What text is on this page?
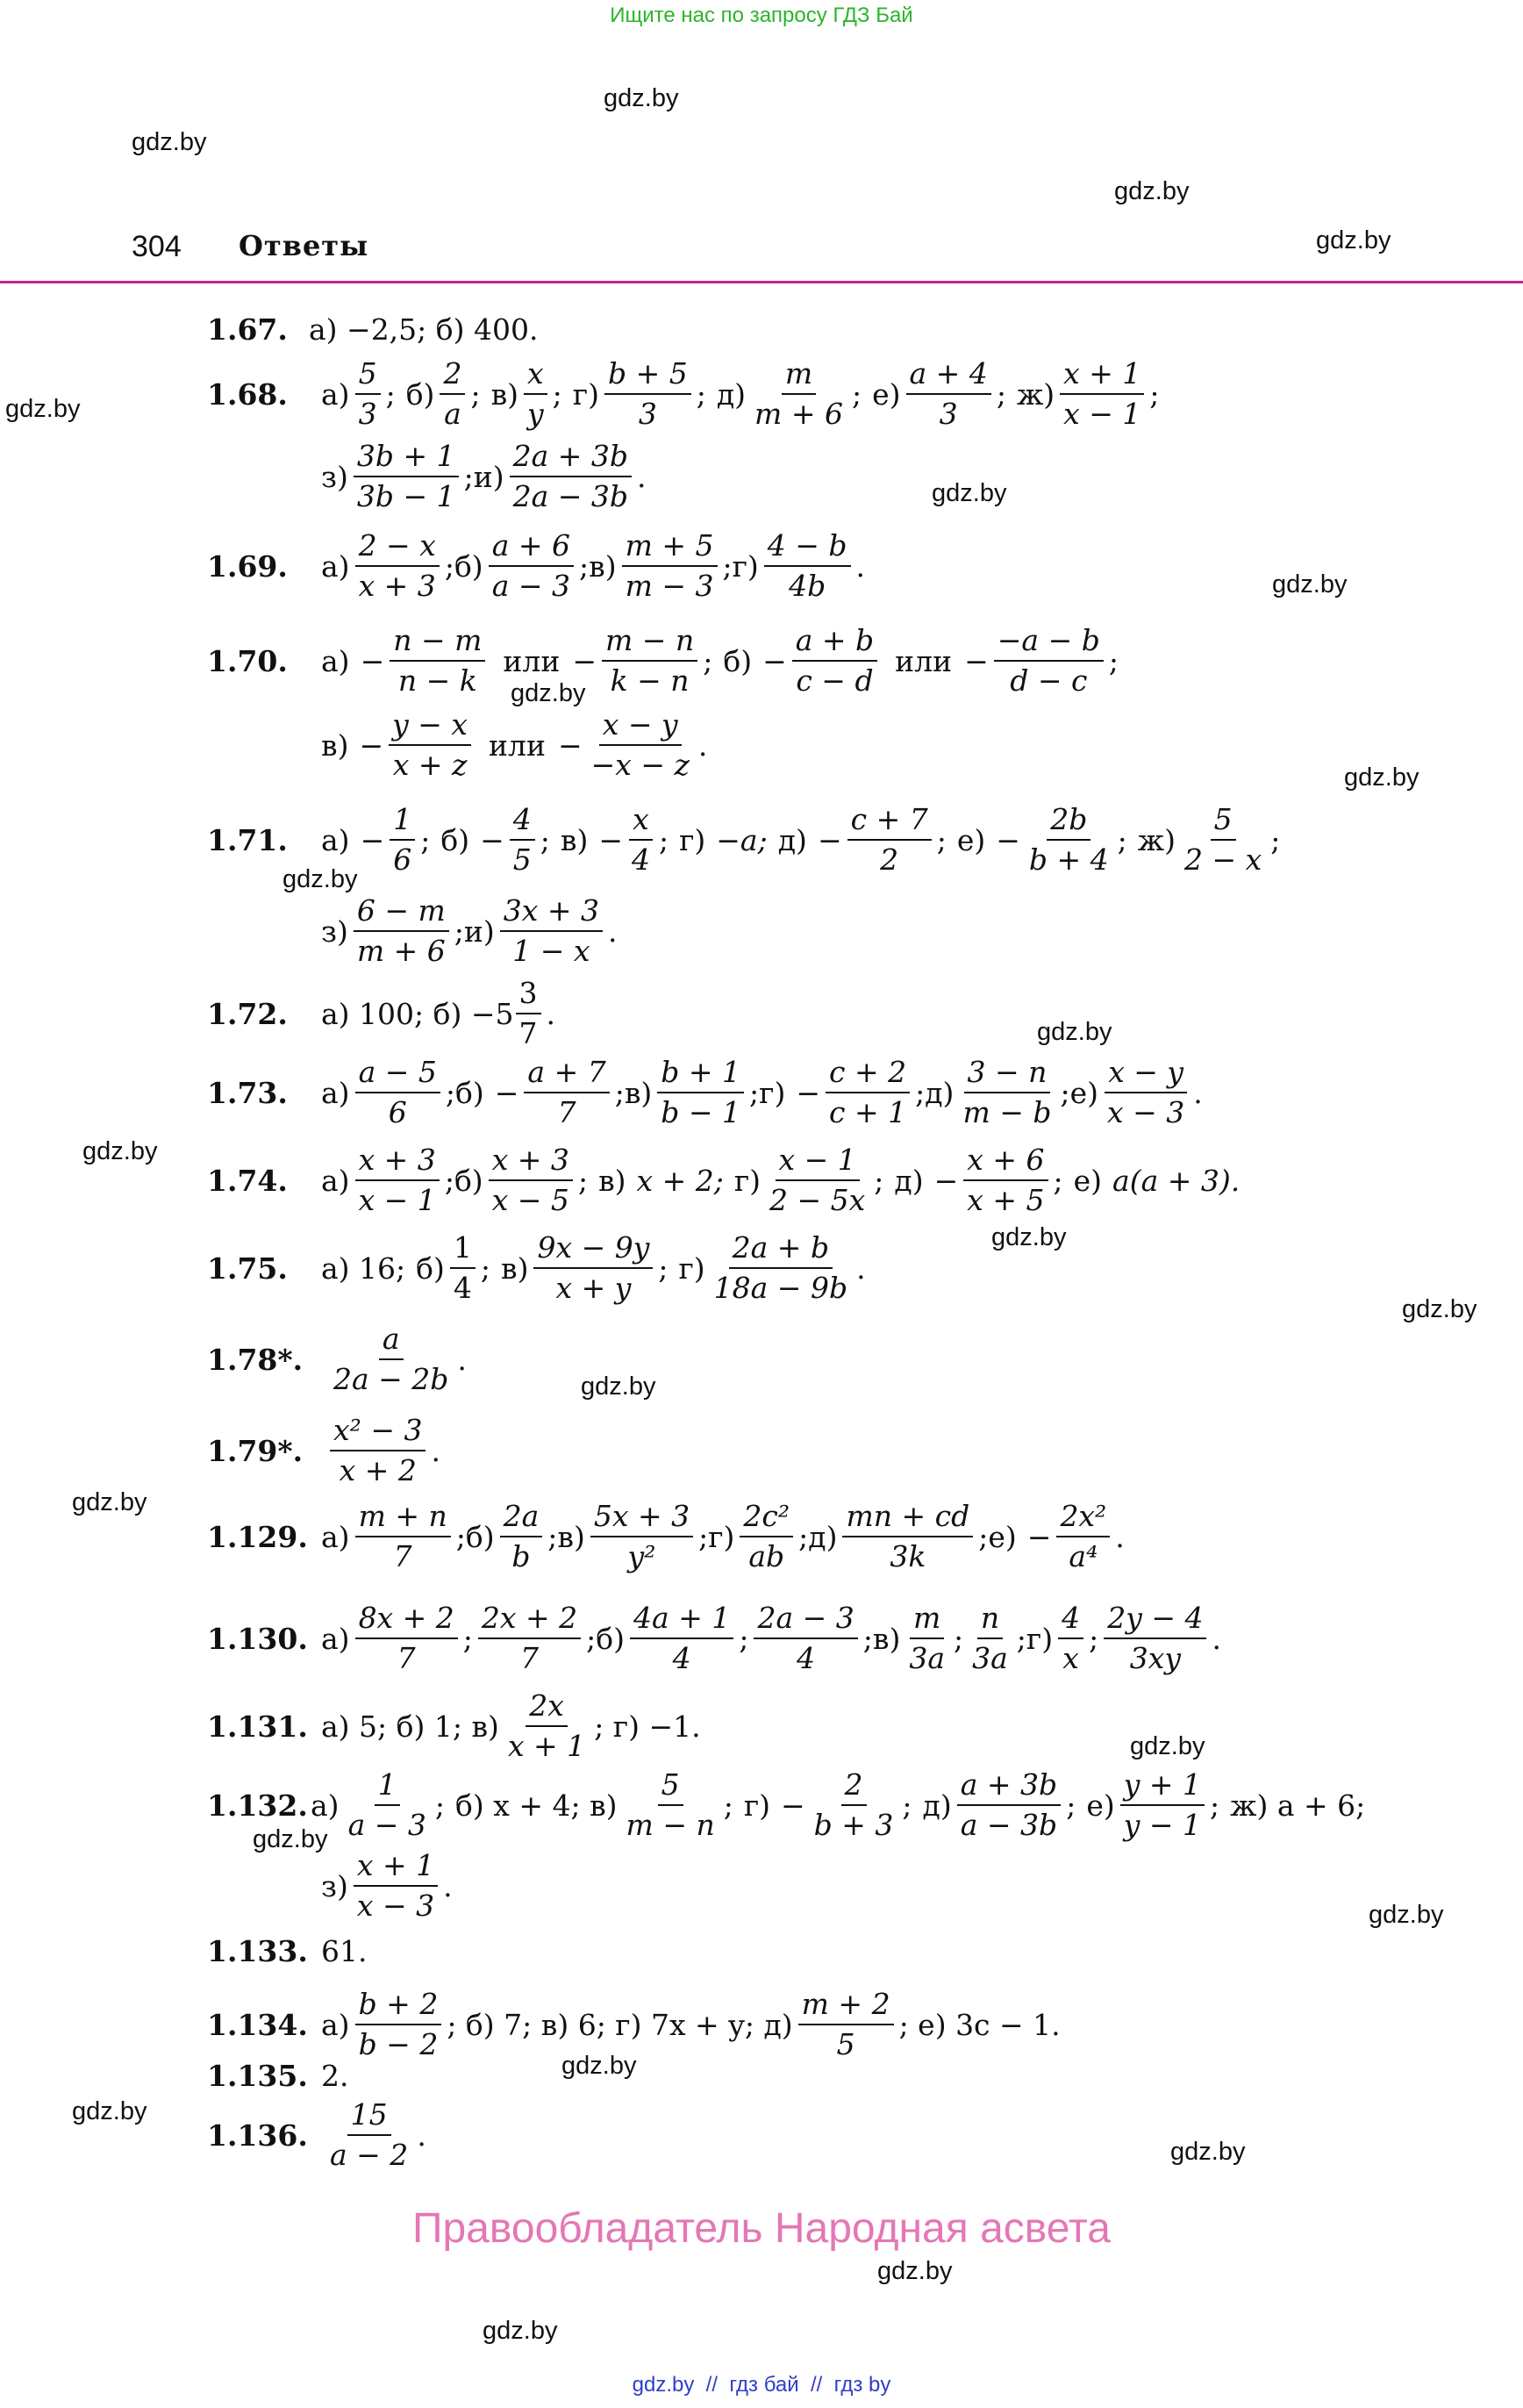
Ищите нас по запросу ГДЗ Бай
304 Ответы
gdz.by
gdz.by
gdz.by
gdz.by
gdz.by
gdz.by
gdz.by
gdz.by
gdz.by
gdz.by
gdz.by
gdz.by
gdz.by
gdz.by
gdz.by
gdz.by
gdz.by
gdz.by
gdz.by
gdz.by
gdz.by
gdz.by
gdz.by
gdz.by
1.67. а) −2,5; б) 400.
1.68.	$а) \frac{5}{3}$ ; $б) \frac{2}{a}$ ; $в) \frac{x}{y}$ ; $г) \frac{b + 5}{3}$ ; $д) \frac{m}{m + 6}$ ; $е) \frac{a + 4}{3}$ ; $ж) \frac{x + 1}{x - 1}$ ;
$з) \frac{3b + 1}{3b - 1}$ ; $и) \frac{2a + 3b}{2a - 3b}$ .
1.69.	$а) \frac{2 - x}{x + 3}$ ; $б) \frac{a + 6}{a - 3}$ ; $в) \frac{m + 5}{m - 3}$ ; $г) \frac{4 - b}{4b}$ .
1.70.	$а) - \frac{n - m}{n - k}$ или − $\frac{m - n}{k - n}$ ; $б) - \frac{a + b}{c - d}$ или − $\frac{-a - b}{d - c}$ ;
$в) - \frac{y - x}{x + z}$ или − $\frac{x - y}{-x - z}$ .
1.71.	$а) - \frac{1}{6}$ ; $б) - \frac{4}{5}$ ; $в) - \frac{x}{4}$ ; г) −a; $д) - \frac{c + 7}{2}$ ; $е) - \frac{2b}{b + 4}$ ; $ж) \frac{5}{2 - x}$ ;
$з) \frac{6 - m}{m + 6}$ ; $и) \frac{3x + 3}{1 - x}$ .
1.72.	а) 100; $б) -5 \frac{3}{7}$ .
1.73.	$а) \frac{a - 5}{6}$ ; $б) - \frac{a + 7}{7}$ ; $в) \frac{b + 1}{b - 1}$ ; $г) - \frac{c + 2}{c + 1}$ ; $д) \frac{3 - n}{m - b}$ ; $е) \frac{x - y}{x - 3}$ .
1.74.	$а) \frac{x + 3}{x - 1}$ ; $б) \frac{x + 3}{x - 5}$ ; в) x + 2; $г) \frac{x - 1}{2 - 5x}$ ; $д) - \frac{x + 6}{x + 5}$ ; е) a(a + 3).
1.75.	а) 16; $б) \frac{1}{4}$ ; $в) \frac{9x - 9y}{x + y}$ ; $г) \frac{2a + b}{18a - 9b}$ .
1.78*. $\frac{a}{2a - 2b}$ .
1.79*. $\frac{\text{x² − 3}}{x + 2}$ .
1.129. $а) \frac{m + n}{7}$ ; $б) \frac{2a}{b}$ ; $в) \frac{5x + 3}{\text{y²}}$ ; $г) \frac{\text{2c²}}{ab}$ ; $д) \frac{mn + cd}{3k}$ ; $е) - \frac{\text{2x²}}{\text{a⁴}}$ .
1.130. $а) \frac{8x + 2}{7}$ ; $\frac{2x + 2}{7}$ ; $б) \frac{4a + 1}{4}$ ; $\frac{2a - 3}{4}$ ; $в) \frac{m}{3a}$ ; $\frac{n}{3a}$ ; $г) \frac{4}{x}$ ; $\frac{2y - 4}{3xy}$ .
1.131. а) 5; б) 1; $в) \frac{2x}{x + 1}$ ; г) −1.
1.132. $а) \frac{1}{a - 3}$ ; б) x + 4; $в) \frac{5}{m - n}$ ; $г) - \frac{2}{b + 3}$ ; $д) \frac{a + 3b}{a - 3b}$ ; $е) \frac{y + 1}{y - 1}$ ; ж) a + 6;
$з) \frac{x + 1}{x - 3}$ .
1.133. 61.
1.134. $а) \frac{b + 2}{b - 2}$ ; б) 7; в) 6; г) 7x + y; $д) \frac{m + 2}{5}$ ; е) 3c − 1.
1.135. 2.
1.136. $\frac{15}{a - 2}$ .
Правообладатель Народная асвета
gdz.by  //  гдз бай  //  гдз by
